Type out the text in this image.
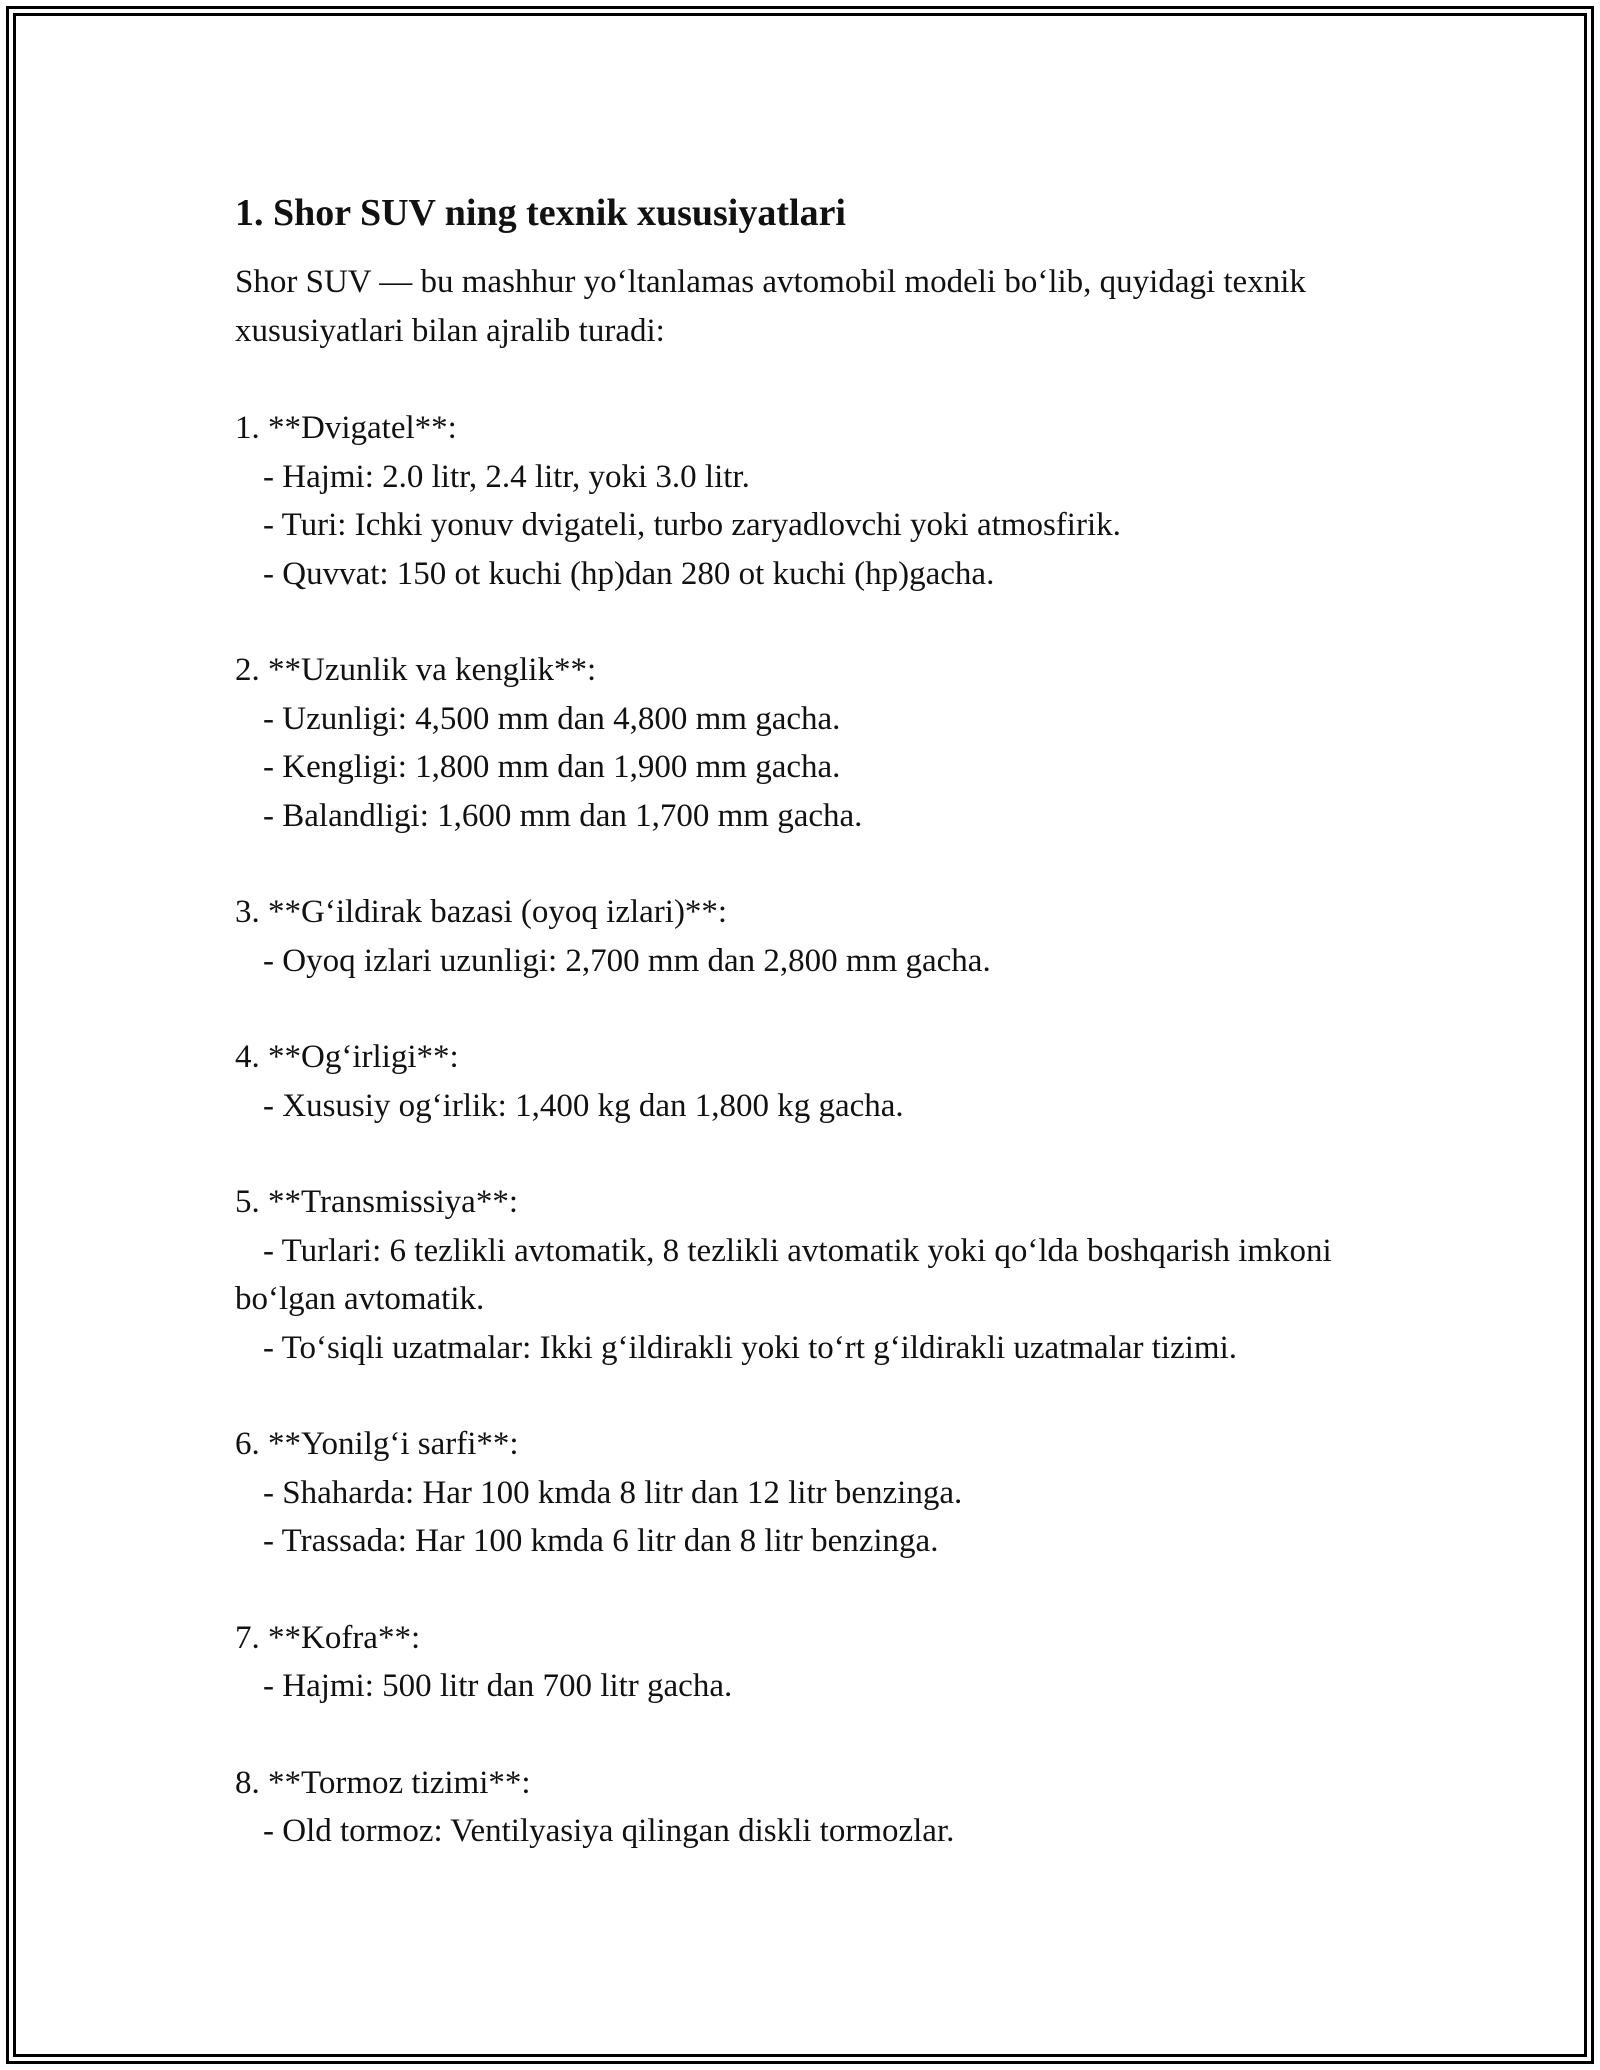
1. Shor SUV ning texnik xususiyatlari

Shor SUV — bu mashhur yo‘ltanlamas avtomobil modeli bo‘lib, quyidagi texnik xususiyatlari bilan ajralib turadi:

1. **Dvigatel**:
- Hajmi: 2.0 litr, 2.4 litr, yoki 3.0 litr.
- Turi: Ichki yonuv dvigateli, turbo zaryadlovchi yoki atmosfirik.
- Quvvat: 150 ot kuchi (hp)dan 280 ot kuchi (hp)gacha.
2. **Uzunlik va kenglik**:
- Uzunligi: 4,500 mm dan 4,800 mm gacha.
- Kengligi: 1,800 mm dan 1,900 mm gacha.
- Balandligi: 1,600 mm dan 1,700 mm gacha.
3. **G‘ildirak bazasi (oyoq izlari)**:
- Oyoq izlari uzunligi: 2,700 mm dan 2,800 mm gacha.
4. **Og‘irligi**:
- Xususiy og‘irlik: 1,400 kg dan 1,800 kg gacha.
5. **Transmissiya**:
- Turlari: 6 tezlikli avtomatik, 8 tezlikli avtomatik yoki qo‘lda boshqarish imkoni bo‘lgan avtomatik.
- To‘siqli uzatmalar: Ikki g‘ildirakli yoki to‘rt g‘ildirakli uzatmalar tizimi.
6. **Yonilg‘i sarfi**:
- Shaharda: Har 100 kmda 8 litr dan 12 litr benzinga.
- Trassada: Har 100 kmda 6 litr dan 8 litr benzinga.
7. **Kofra**:
- Hajmi: 500 litr dan 700 litr gacha.
8. **Tormoz tizimi**:
- Old tormoz: Ventilyasiya qilingan diskli tormozlar.
